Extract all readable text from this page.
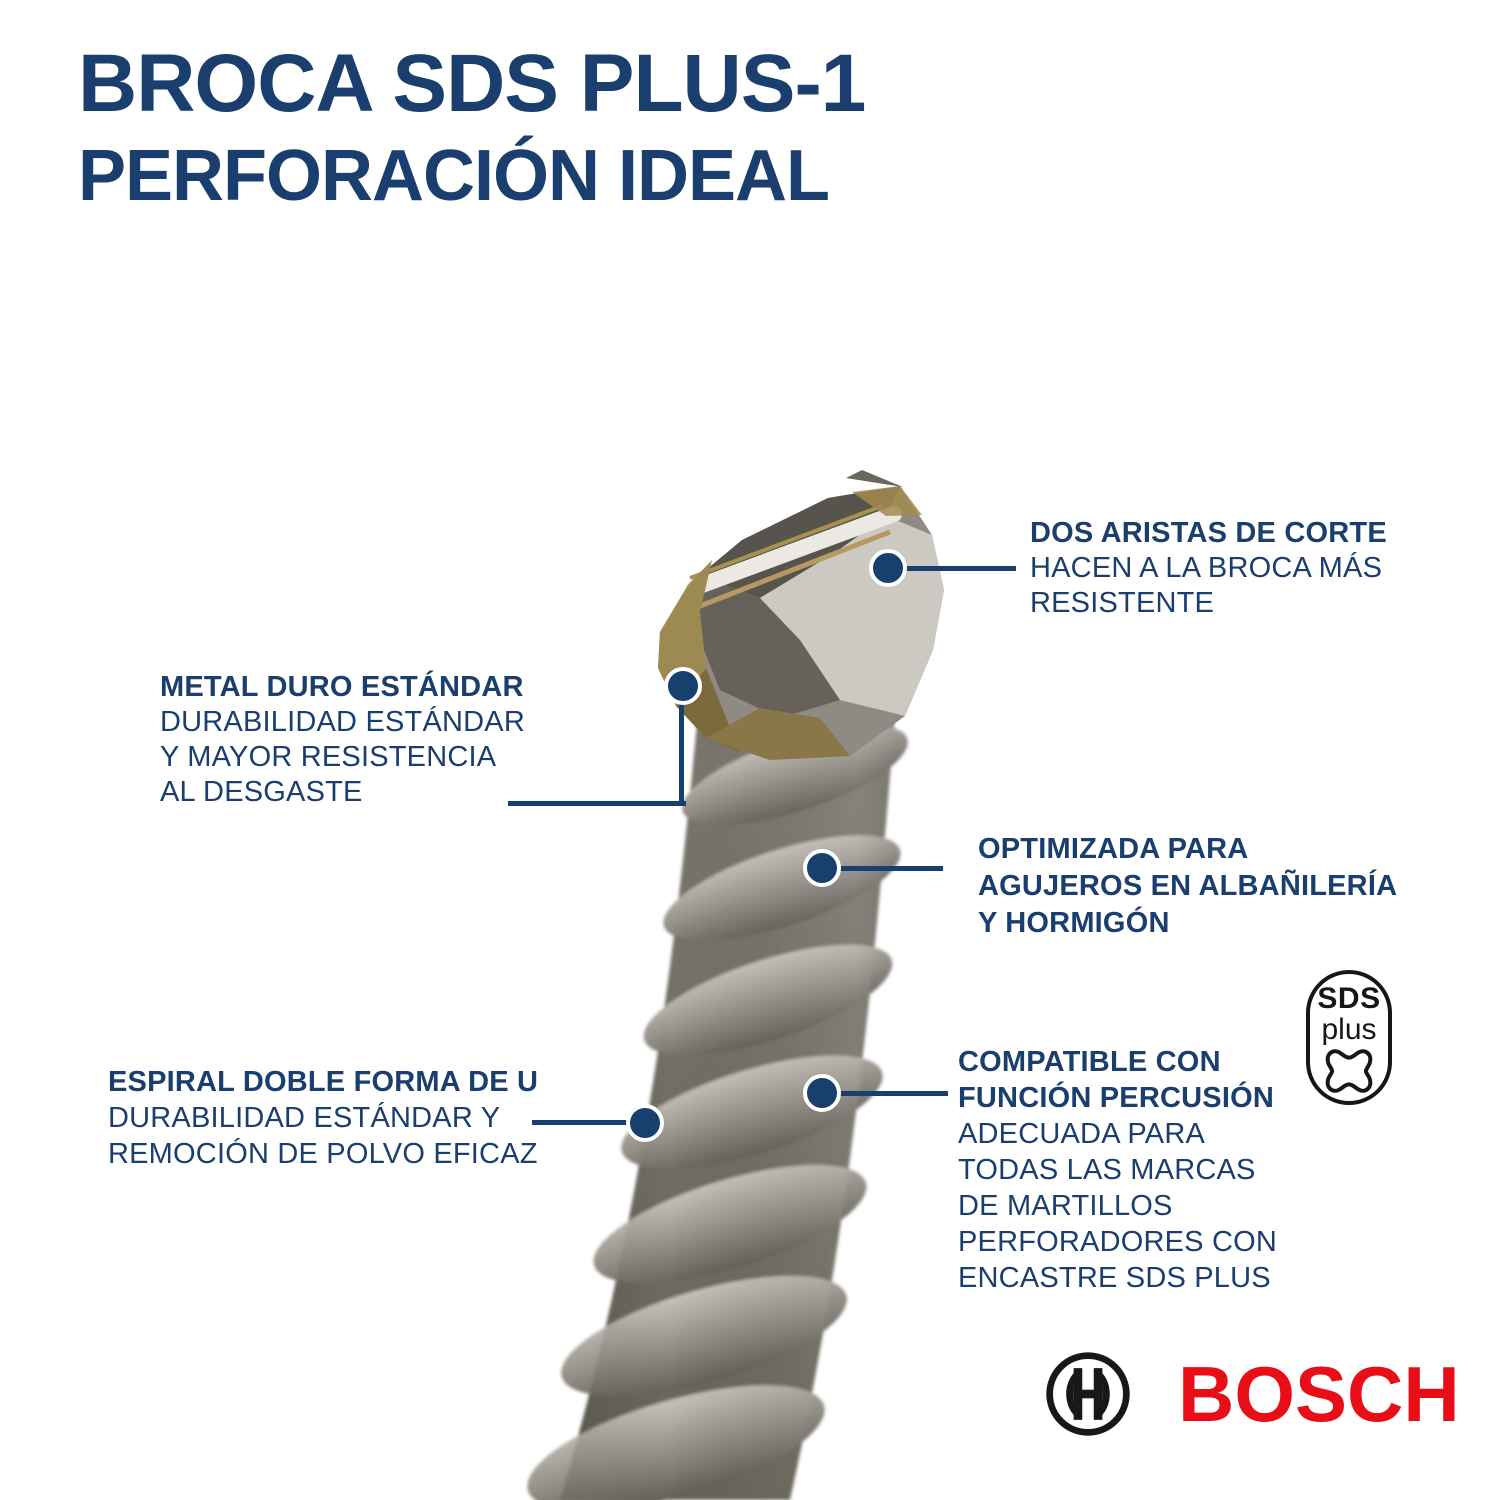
BROCA SDS PLUS-1
PERFORACIÓN IDEAL
DOS ARISTAS DE CORTE
HACEN A LA BROCA MÁS
RESISTENTE
METAL DURO ESTÁNDAR
DURABILIDAD ESTÁNDAR
Y MAYOR RESISTENCIA
AL DESGASTE
OPTIMIZADA PARA
AGUJEROS EN ALBAÑILERÍA
Y HORMIGÓN
ESPIRAL DOBLE FORMA DE U
DURABILIDAD ESTÁNDAR Y
REMOCIÓN DE POLVO EFICAZ
COMPATIBLE CON
FUNCIÓN PERCUSIÓN
ADECUADA PARA
TODAS LAS MARCAS
DE MARTILLOS
PERFORADORES CON
ENCASTRE SDS PLUS
SDS
plus
BOSCH
